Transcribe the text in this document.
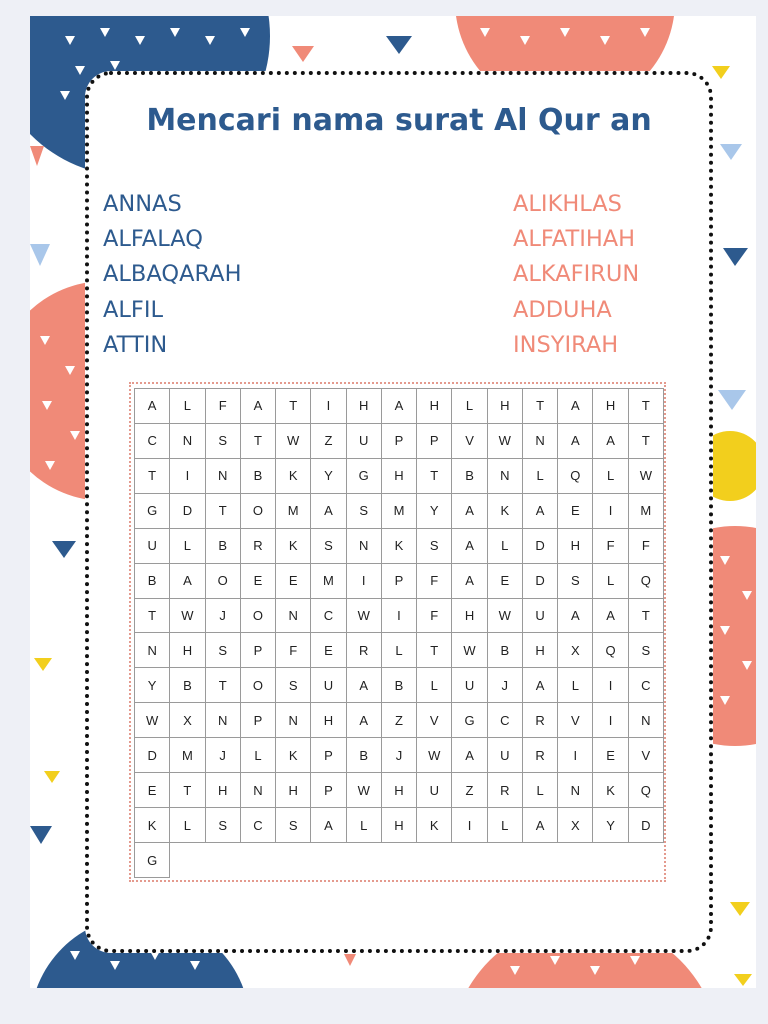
Mencari nama surat Al Qur an
ANNAS
ALFALAQ
ALBAQARAH
ALFIL
ATTIN
ALIKHLAS
ALFATIHAH
ALKAFIRUN
ADDUHA
INSYIRAH
A	L	F	A	T	I	H	A	H	L	H	T	A	H	T
C	N	S	T	W	Z	U	P	P	V	W	N	A	A	T
T	I	N	B	K	Y	G	H	T	B	N	L	Q	L	W
G	D	T	O	M	A	S	M	Y	A	K	A	E	I	M
U	L	B	R	K	S	N	K	S	A	L	D	H	F	F
B	A	O	E	E	M	I	P	F	A	E	D	S	L	Q
T	W	J	O	N	C	W	I	F	H	W	U	A	A	T
N	H	S	P	F	E	R	L	T	W	B	H	X	Q	S
Y	B	T	O	S	U	A	B	L	U	J	A	L	I	C
W	X	N	P	N	H	A	Z	V	G	C	R	V	I	N
D	M	J	L	K	P	B	J	W	A	U	R	I	E	V
E	T	H	N	H	P	W	H	U	Z	R	L	N	K	Q
K	L	S	C	S	A	L	H	K	I	L	A	X	Y	D
G
